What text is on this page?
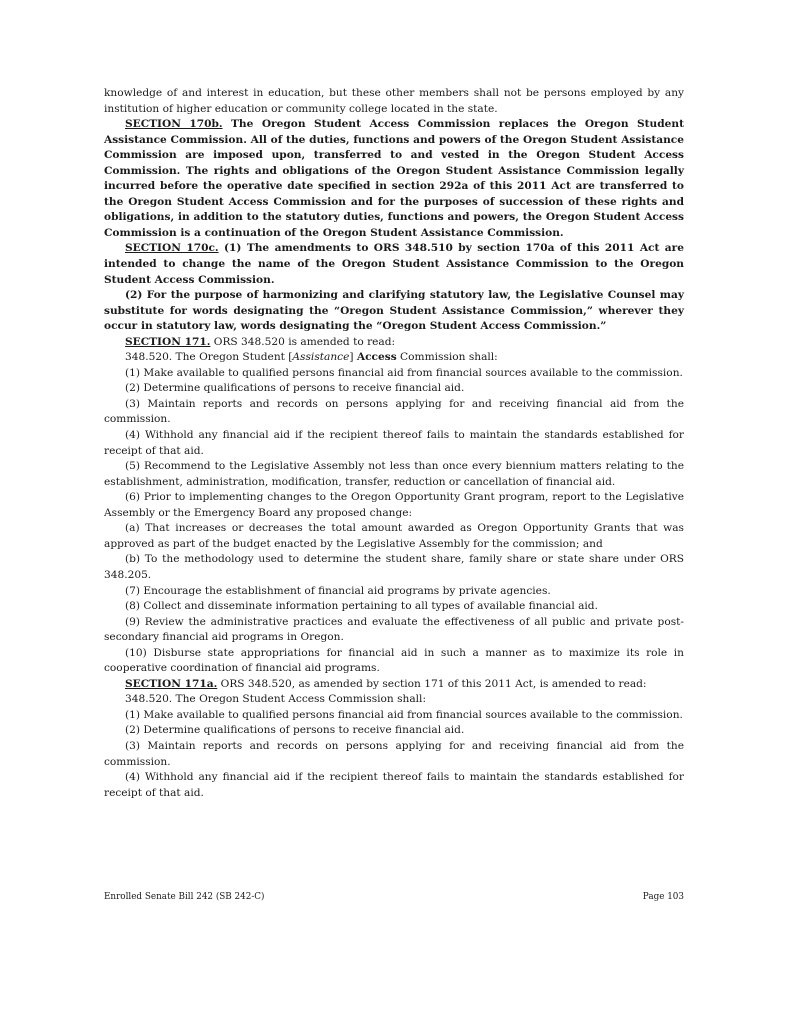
knowledge of and interest in education, but these other members shall not be persons employed by any institution of higher education or community college located in the state.

SECTION 170b. The Oregon Student Access Commission replaces the Oregon Student Assistance Commission. All of the duties, functions and powers of the Oregon Student Assistance Commission are imposed upon, transferred to and vested in the Oregon Student Access Commission. The rights and obligations of the Oregon Student Assistance Commission legally incurred before the operative date specified in section 292a of this 2011 Act are transferred to the Oregon Student Access Commission and for the purposes of succession of these rights and obligations, in addition to the statutory duties, functions and powers, the Oregon Student Access Commission is a continuation of the Oregon Student Assistance Commission.

SECTION 170c. (1) The amendments to ORS 348.510 by section 170a of this 2011 Act are intended to change the name of the Oregon Student Assistance Commission to the Oregon Student Access Commission.

(2) For the purpose of harmonizing and clarifying statutory law, the Legislative Counsel may substitute for words designating the “Oregon Student Assistance Commission,” wherever they occur in statutory law, words designating the “Oregon Student Access Commission.”

SECTION 171. ORS 348.520 is amended to read:

348.520. The Oregon Student [Assistance] Access Commission shall:

(1) Make available to qualified persons financial aid from financial sources available to the commission.

(2) Determine qualifications of persons to receive financial aid.

(3) Maintain reports and records on persons applying for and receiving financial aid from the commission.

(4) Withhold any financial aid if the recipient thereof fails to maintain the standards established for receipt of that aid.

(5) Recommend to the Legislative Assembly not less than once every biennium matters relating to the establishment, administration, modification, transfer, reduction or cancellation of financial aid.

(6) Prior to implementing changes to the Oregon Opportunity Grant program, report to the Legislative Assembly or the Emergency Board any proposed change:

(a) That increases or decreases the total amount awarded as Oregon Opportunity Grants that was approved as part of the budget enacted by the Legislative Assembly for the commission; and

(b) To the methodology used to determine the student share, family share or state share under ORS 348.205.

(7) Encourage the establishment of financial aid programs by private agencies.

(8) Collect and disseminate information pertaining to all types of available financial aid.

(9) Review the administrative practices and evaluate the effectiveness of all public and private post-secondary financial aid programs in Oregon.

(10) Disburse state appropriations for financial aid in such a manner as to maximize its role in cooperative coordination of financial aid programs.

SECTION 171a. ORS 348.520, as amended by section 171 of this 2011 Act, is amended to read:

348.520. The Oregon Student Access Commission shall:

(1) Make available to qualified persons financial aid from financial sources available to the commission.

(2) Determine qualifications of persons to receive financial aid.

(3) Maintain reports and records on persons applying for and receiving financial aid from the commission.

(4) Withhold any financial aid if the recipient thereof fails to maintain the standards established for receipt of that aid.

Enrolled Senate Bill 242 (SB 242-C)	Page 103
